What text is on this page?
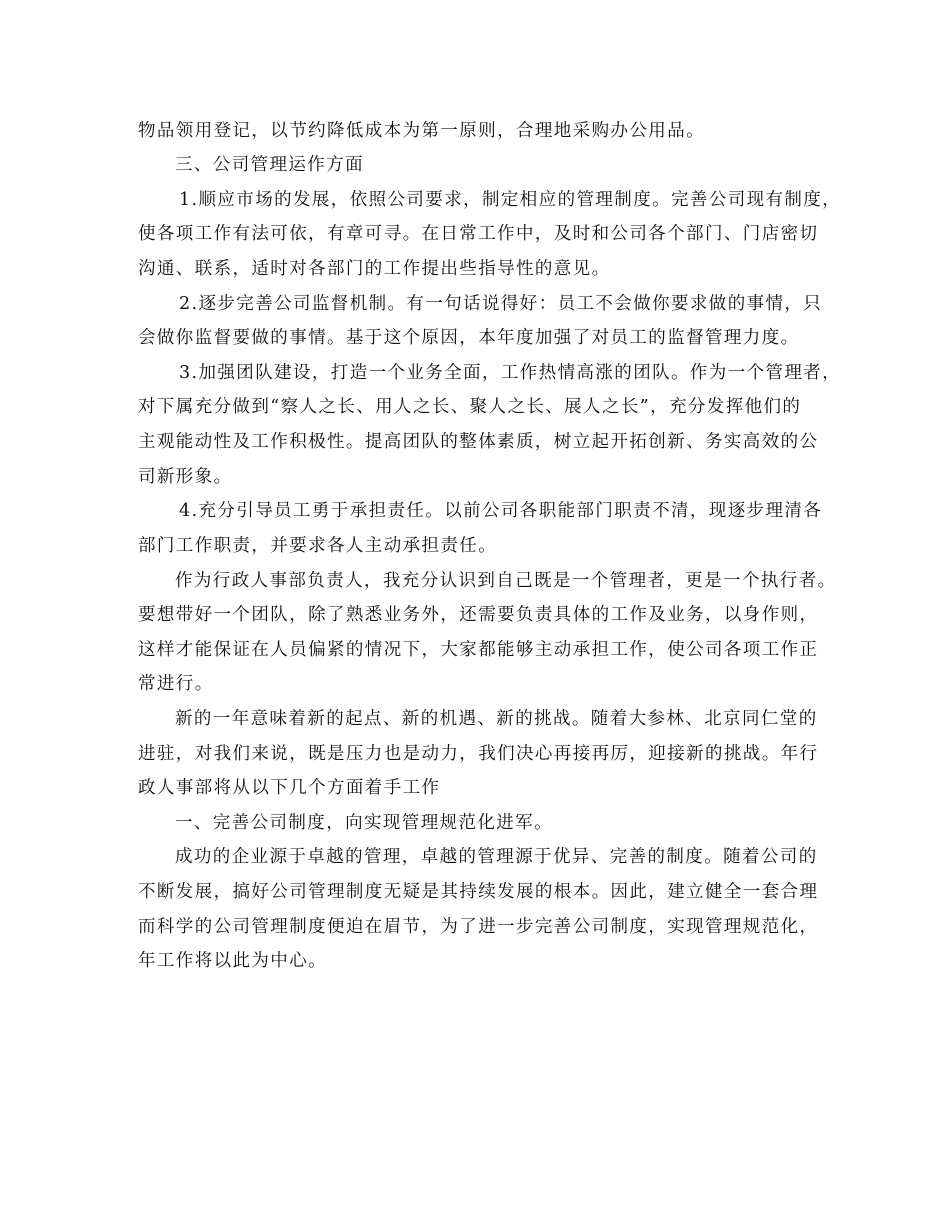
物品领用登记，以节约降低成本为第一原则，合理地采购办公用品。

三、公司管理运作方面

1.顺应市场的发展，依照公司要求，制定相应的管理制度。完善公司现有制度，

使各项工作有法可依，有章可寻。在日常工作中，及时和公司各个部门、门店密切

沟通、联系，适时对各部门的工作提出些指导性的意见。

2.逐步完善公司监督机制。有一句话说得好：员工不会做你要求做的事情，只

会做你监督要做的事情。基于这个原因，本年度加强了对员工的监督管理力度。

3.加强团队建设，打造一个业务全面，工作热情高涨的团队。作为一个管理者，

对下属充分做到“察人之长、用人之长、聚人之长、展人之长”，充分发挥他们的

主观能动性及工作积极性。提高团队的整体素质，树立起开拓创新、务实高效的公

司新形象。

4.充分引导员工勇于承担责任。以前公司各职能部门职责不清，现逐步理清各

部门工作职责，并要求各人主动承担责任。

作为行政人事部负责人，我充分认识到自己既是一个管理者，更是一个执行者。

要想带好一个团队，除了熟悉业务外，还需要负责具体的工作及业务，以身作则，

这样才能保证在人员偏紧的情况下，大家都能够主动承担工作，使公司各项工作正

常进行。

新的一年意味着新的起点、新的机遇、新的挑战。随着大参林、北京同仁堂的

进驻，对我们来说，既是压力也是动力，我们决心再接再厉，迎接新的挑战。年行

政人事部将从以下几个方面着手工作

一、完善公司制度，向实现管理规范化进军。

成功的企业源于卓越的管理，卓越的管理源于优异、完善的制度。随着公司的

不断发展，搞好公司管理制度无疑是其持续发展的根本。因此，建立健全一套合理

而科学的公司管理制度便迫在眉节，为了进一步完善公司制度，实现管理规范化，

年工作将以此为中心。
